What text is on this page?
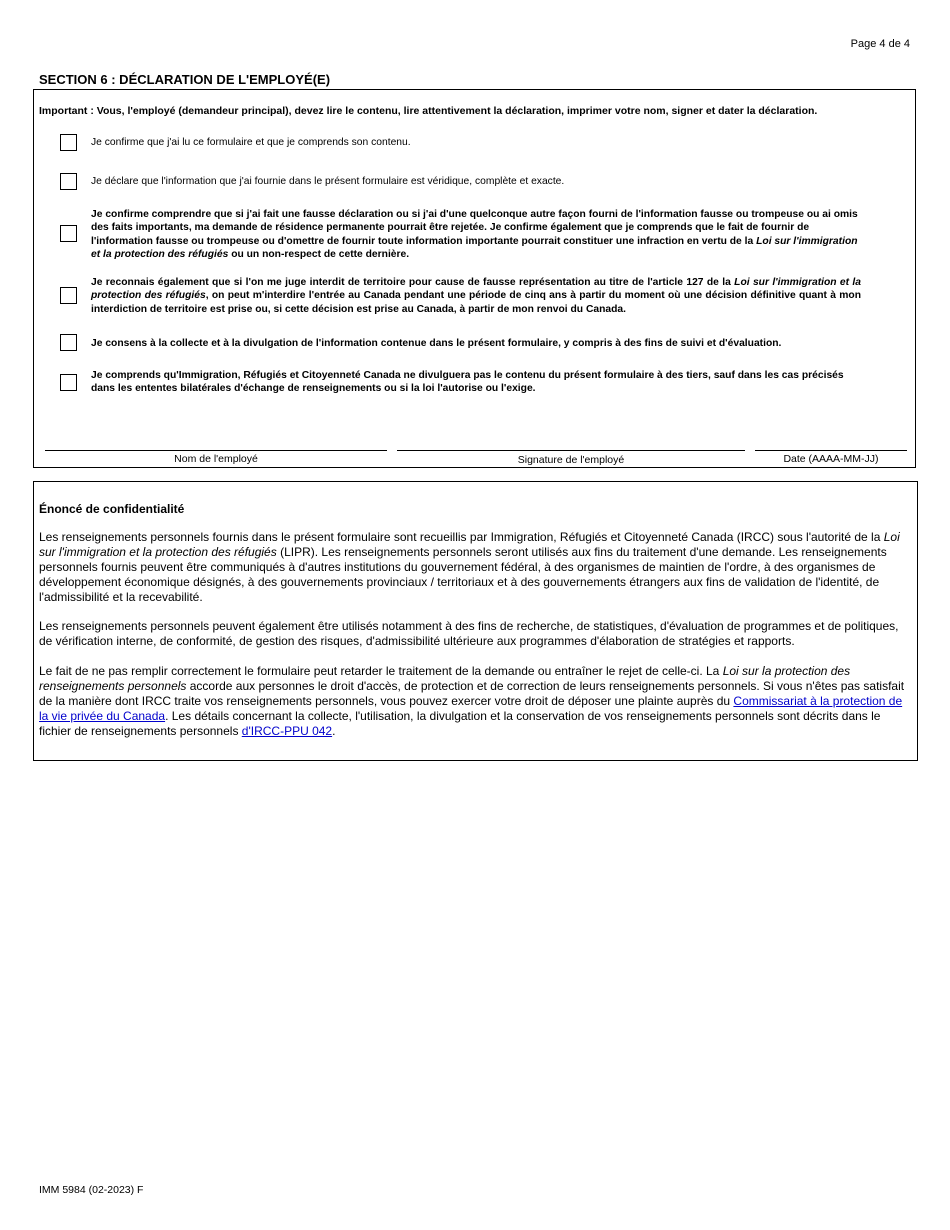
Page 4 de 4
SECTION 6 : DÉCLARATION DE L'EMPLOYÉ(E)
Important : Vous, l'employé (demandeur principal), devez lire le contenu, lire attentivement la déclaration, imprimer votre nom, signer et dater la déclaration.
Je confirme que j'ai lu ce formulaire et que je comprends son contenu.
Je déclare que l'information que j'ai fournie dans le présent formulaire est véridique, complète et exacte.
Je confirme comprendre que si j'ai fait une fausse déclaration ou si j'ai d'une quelconque autre façon fourni de l'information fausse ou trompeuse ou ai omis des faits importants, ma demande de résidence permanente pourrait être rejetée. Je confirme également que je comprends que le fait de fournir de l'information fausse ou trompeuse ou d'omettre de fournir toute information importante pourrait constituer une infraction en vertu de la Loi sur l'immigration et la protection des réfugiés ou un non-respect de cette dernière.
Je reconnais également que si l'on me juge interdit de territoire pour cause de fausse représentation au titre de l'article 127 de la Loi sur l'immigration et la protection des réfugiés, on peut m'interdire l'entrée au Canada pendant une période de cinq ans à partir du moment où une décision définitive quant à mon interdiction de territoire est prise ou, si cette décision est prise au Canada, à partir de mon renvoi du Canada.
Je consens à la collecte et à la divulgation de l'information contenue dans le présent formulaire, y compris à des fins de suivi et d'évaluation.
Je comprends qu'Immigration, Réfugiés et Citoyenneté Canada ne divulguera pas le contenu du présent formulaire à des tiers, sauf dans les cas précisés dans les ententes bilatérales d'échange de renseignements ou si la loi l'autorise ou l'exige.
Nom de l'employé	Signature de l'employé	Date (AAAA-MM-JJ)
Énoncé de confidentialité

Les renseignements personnels fournis dans le présent formulaire sont recueillis par Immigration, Réfugiés et Citoyenneté Canada (IRCC) sous l'autorité de la Loi sur l'immigration et la protection des réfugiés (LIPR). Les renseignements personnels seront utilisés aux fins du traitement d'une demande. Les renseignements personnels fournis peuvent être communiqués à d'autres institutions du gouvernement fédéral, à des organismes de maintien de l'ordre, à des organismes de développement économique désignés, à des gouvernements provinciaux / territoriaux et à des gouvernements étrangers aux fins de validation de l'identité, de l'admissibilité et la recevabilité.

Les renseignements personnels peuvent également être utilisés notamment à des fins de recherche, de statistiques, d'évaluation de programmes et de politiques, de vérification interne, de conformité, de gestion des risques, d'admissibilité ultérieure aux programmes d'élaboration de stratégies et rapports.

Le fait de ne pas remplir correctement le formulaire peut retarder le traitement de la demande ou entraîner le rejet de celle-ci. La Loi sur la protection des renseignements personnels accorde aux personnes le droit d'accès, de protection et de correction de leurs renseignements personnels. Si vous n'êtes pas satisfait de la manière dont IRCC traite vos renseignements personnels, vous pouvez exercer votre droit de déposer une plainte auprès du Commissariat à la protection de la vie privée du Canada. Les détails concernant la collecte, l'utilisation, la divulgation et la conservation de vos renseignements personnels sont décrits dans le fichier de renseignements personnels d'IRCC-PPU 042.

IMM 5984 (02-2023) F
